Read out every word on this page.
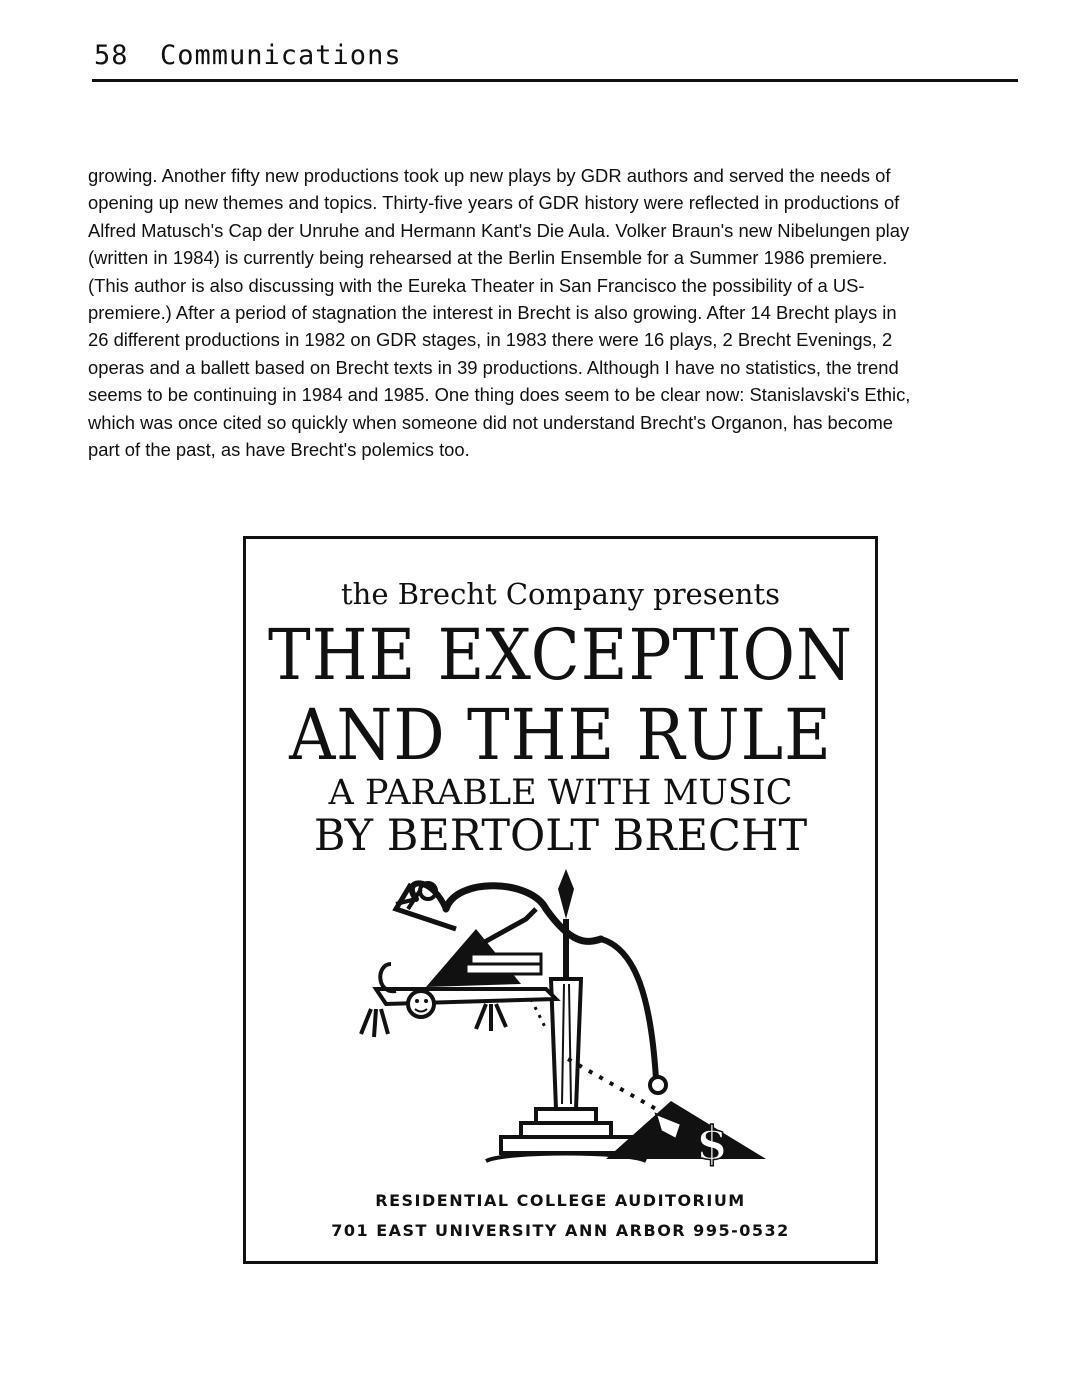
58 Communications
growing. Another fifty new productions took up new plays by GDR authors and served the needs of
opening up new themes and topics. Thirty-five years of GDR history were reflected in productions of
Alfred Matusch's Cap der Unruhe and Hermann Kant's Die Aula. Volker Braun's new Nibelungen play
(written in 1984) is currently being rehearsed at the Berlin Ensemble for a Summer 1986 premiere.
(This author is also discussing with the Eureka Theater in San Francisco the possibility of a US-
premiere.) After a period of stagnation the interest in Brecht is also growing. After 14 Brecht plays in
26 different productions in 1982 on GDR stages, in 1983 there were 16 plays, 2 Brecht Evenings, 2
operas and a ballett based on Brecht texts in 39 productions. Although I have no statistics, the trend
seems to be continuing in 1984 and 1985. One thing does seem to be clear now: Stanislavski's Ethic,
which was once cited so quickly when someone did not understand Brecht's Organon, has become
part of the past, as have Brecht's polemics too.
the Brecht Company presents
THE EXCEPTION
AND THE RULE
A PARABLE WITH MUSIC
BY BERTOLT BRECHT
$
RESIDENTIAL COLLEGE AUDITORIUM
701 EAST UNIVERSITY ANN ARBOR 995-0532
